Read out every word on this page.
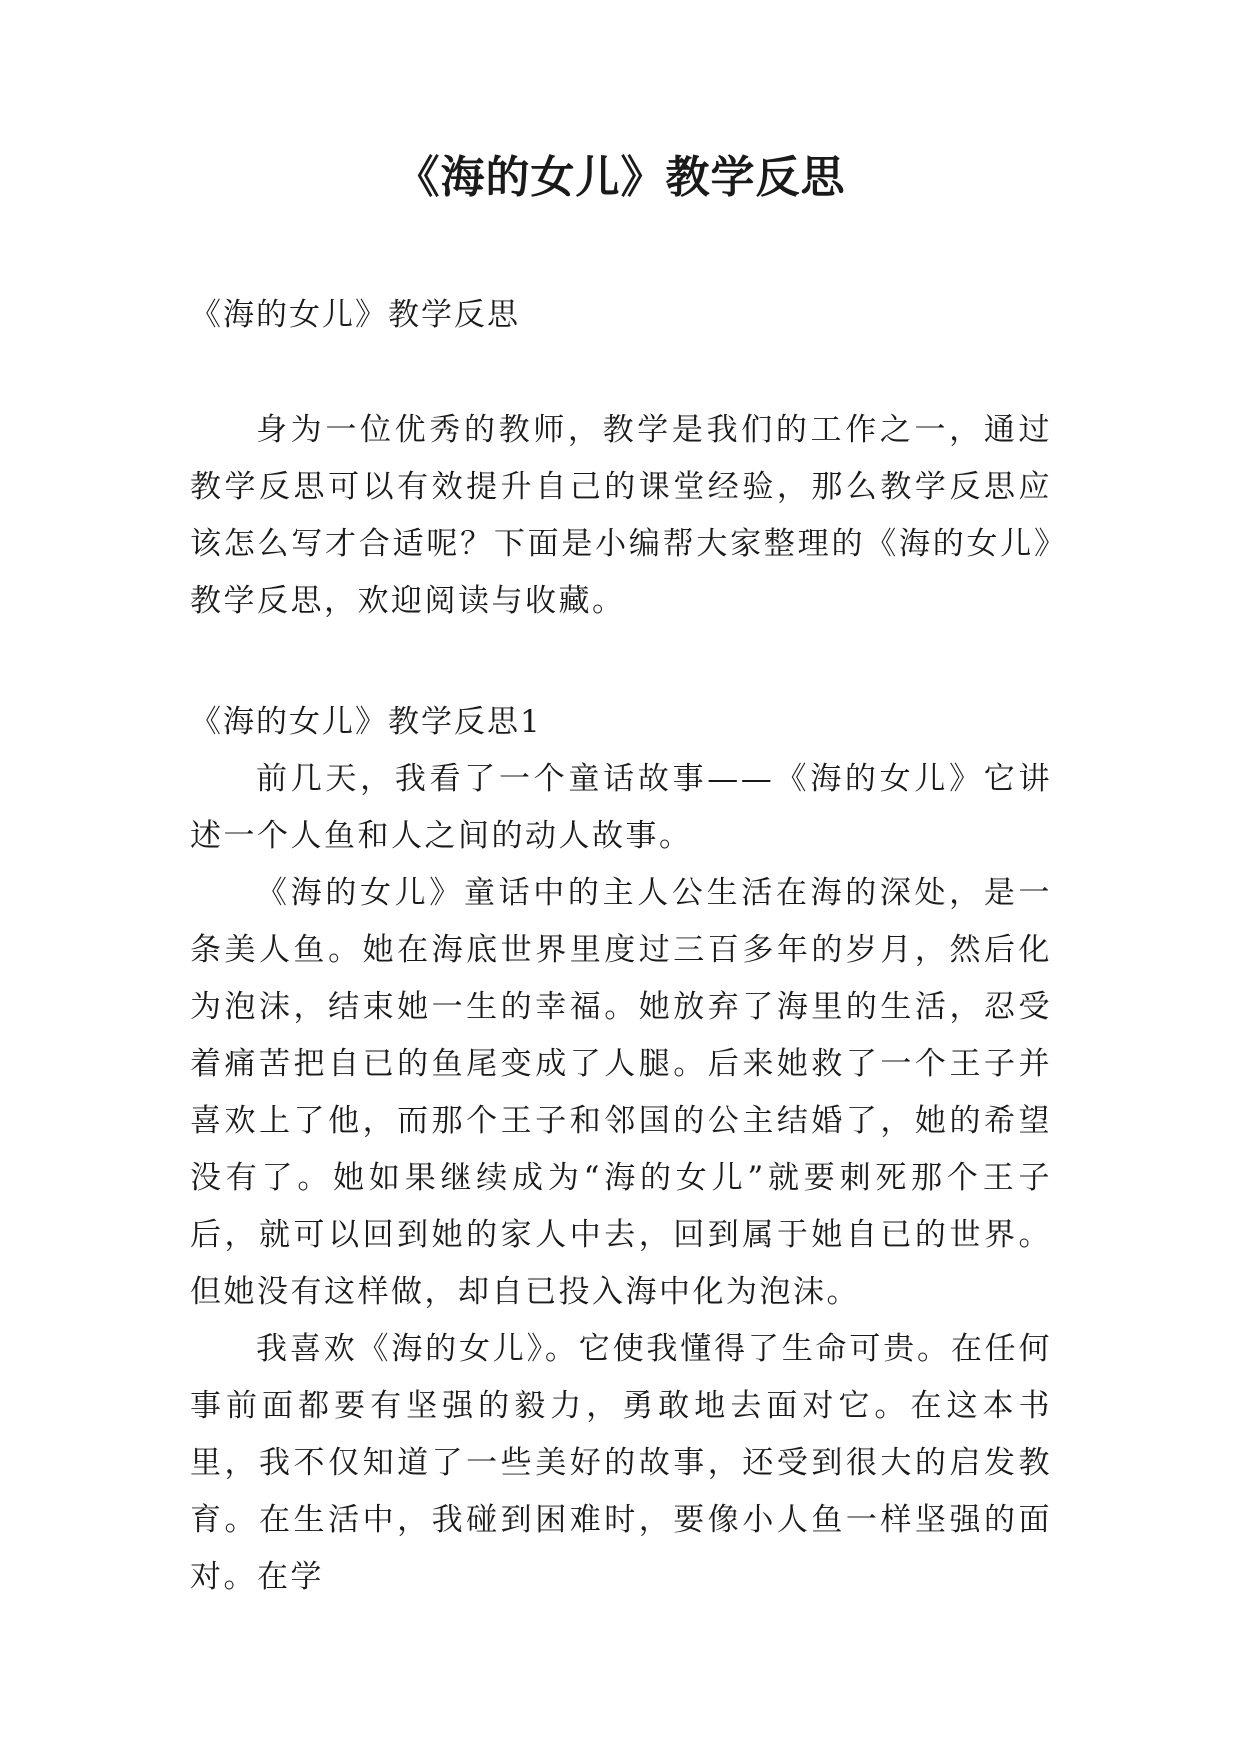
《海的女儿》教学反思

《海的女儿》教学反思

身为一位优秀的教师，教学是我们的工作之一，通过教学反思可以有效提升自己的课堂经验，那么教学反思应该怎么写才合适呢？下面是小编帮大家整理的《海的女儿》教学反思，欢迎阅读与收藏。

《海的女儿》教学反思1

前几天，我看了一个童话故事——《海的女儿》它讲述一个人鱼和人之间的动人故事。

《海的女儿》童话中的主人公生活在海的深处，是一条美人鱼。她在海底世界里度过三百多年的岁月，然后化为泡沫，结束她一生的幸福。她放弃了海里的生活，忍受着痛苦把自已的鱼尾变成了人腿。后来她救了一个王子并喜欢上了他，而那个王子和邻国的公主结婚了，她的希望没有了。她如果继续成为“海的女儿”就要刺死那个王子后，就可以回到她的家人中去，回到属于她自已的世界。但她没有这样做，却自已投入海中化为泡沫。

我喜欢《海的女儿》。它使我懂得了生命可贵。在任何事前面都要有坚强的毅力，勇敢地去面对它。在这本书里，我不仅知道了一些美好的故事，还受到很大的启发教育。在生活中，我碰到困难时，要像小人鱼一样坚强的面对。在学
